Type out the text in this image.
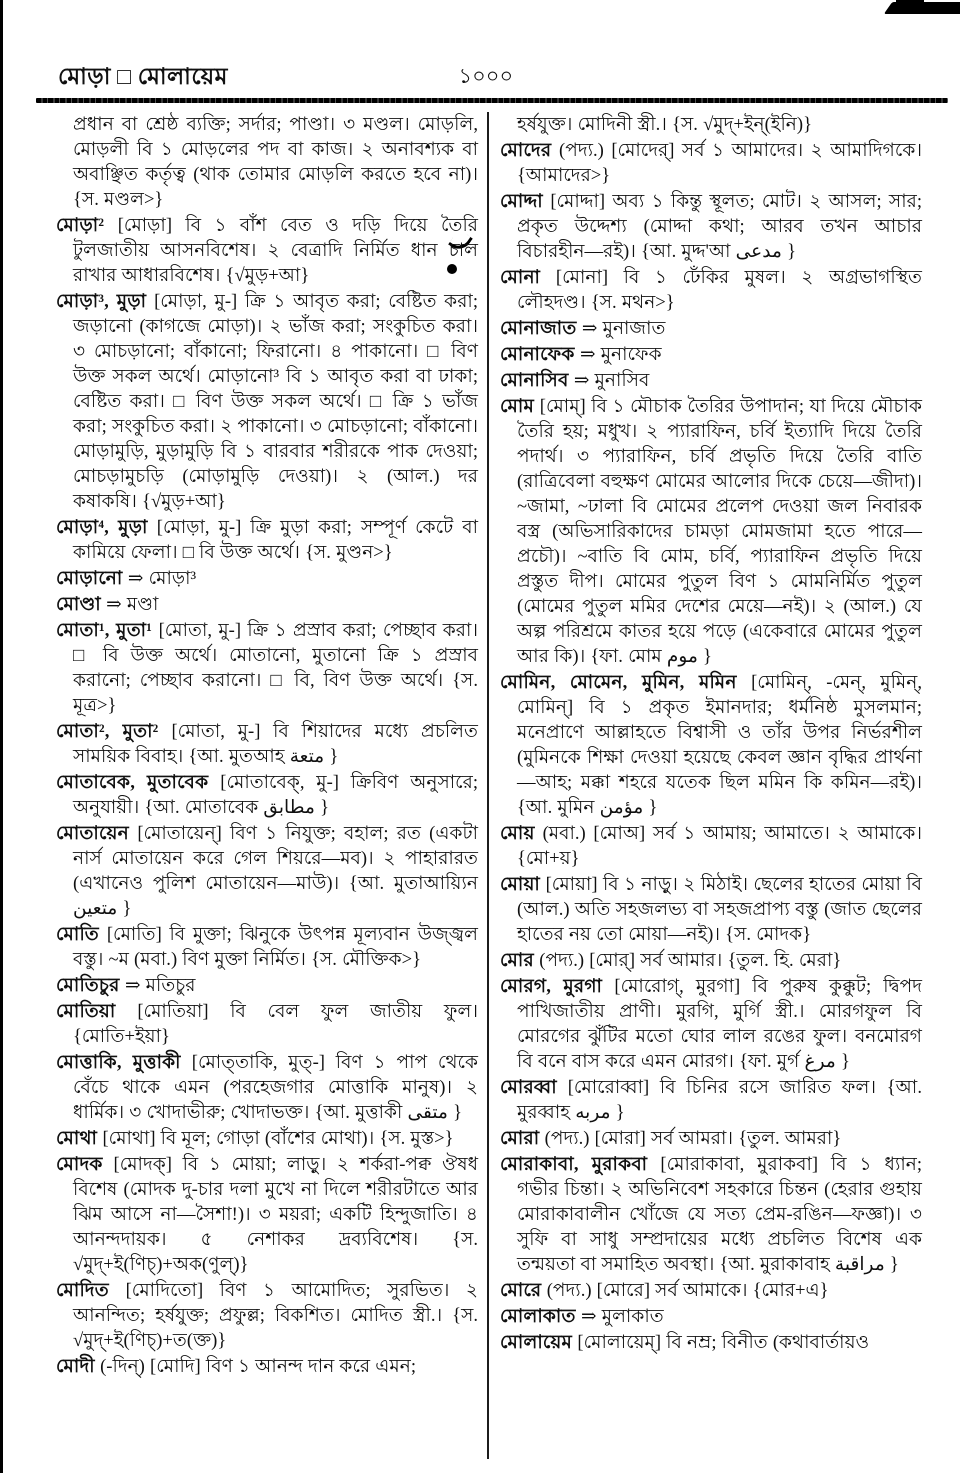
মোড়া □ মোলায়েম	১০০০

প্রধান বা শ্রেষ্ঠ ব্যক্তি; সর্দার; পাণ্ডা। ৩ মণ্ডল। মোড়লি, মোড়লী বি ১ মোড়লের পদ বা কাজ। ২ অনাবশ্যক বা অবাঞ্ছিত কর্তৃত্ব (থাক তোমার মোড়লি করতে হবে না)। {স. মণ্ডল>}

মোড়া² [মোড়া] বি ১ বাঁশ বেত ও দড়ি দিয়ে তৈরি টুলজাতীয় আসনবিশেষ। ২ বেত্রাদি নির্মিত ধান চাল রাখার আধারবিশেষ। {√মুড়+আ}

মোড়া³, মুড়া [মোড়া, মু-] ক্রি ১ আবৃত করা; বেষ্টিত করা; জড়ানো (কাগজে মোড়া)। ২ ভাঁজ করা; সংকুচিত করা। ৩ মোচড়ানো; বাঁকানো; ফিরানো। ৪ পাকানো। □ বিণ উক্ত সকল অর্থে। মোড়ানো³ বি ১ আবৃত করা বা ঢাকা; বেষ্টিত করা। □ বিণ উক্ত সকল অর্থে। □ ক্রি ১ ভাঁজ করা; সংকুচিত করা। ২ পাকানো। ৩ মোচড়ানো; বাঁকানো। মোড়ামুড়ি, মুড়ামুড়ি বি ১ বারবার শরীরকে পাক দেওয়া; মোচড়ামুচড়ি (মোড়ামুড়ি দেওয়া)। ২ (আল.) দর কষাকষি। {√মুড়+আ}

মোড়া⁴, মুড়া [মোড়া, মু-] ক্রি মুড়া করা; সম্পূর্ণ কেটে বা কামিয়ে ফেলা। □ বি উক্ত অর্থে। {স. মুণ্ডন>}

মোড়ানো ⇒ মোড়া³

মোণ্ডা ⇒ মণ্ডা

মোতা¹, মুতা¹ [মোতা, মু-] ক্রি ১ প্রস্রাব করা; পেচ্ছাব করা। □ বি উক্ত অর্থে। মোতানো, মুতানো ক্রি ১ প্রস্রাব করানো; পেচ্ছাব করানো। □ বি, বিণ উক্ত অর্থে। {স. মূত্র>}

মোতা², মুতা² [মোতা, মু-] বি শিয়াদের মধ্যে প্রচলিত সাময়িক বিবাহ। {আ. মুতআহ متعة }

মোতাবেক, মুতাবেক [মোতাবেক্, মু-] ক্রিবিণ অনুসারে; অনুযায়ী। {আ. মোতাবেক مطابق }

মোতায়েন [মোতায়েন্] বিণ ১ নিযুক্ত; বহাল; রত (একটা নার্স মোতায়েন করে গেল শিয়রে—মব)। ২ পাহারারত (এখানেও পুলিশ মোতায়েন—মাউ)। {আ. মুতাআয়্যিন متعين }

মোতি [মোতি] বি মুক্তা; ঝিনুকে উৎপন্ন মূল্যবান উজ্জ্বল বস্তু। ~ম (মবা.) বিণ মুক্তা নির্মিত। {স. মৌক্তিক>}

মোতিচুর ⇒ মতিচুর

মোতিয়া [মোতিয়া] বি বেল ফুল জাতীয় ফুল। {মোতি+ইয়া}

মোত্তাকি, মুত্তাকী [মোত্‌তাকি, মুত্-] বিণ ১ পাপ থেকে বেঁচে থাকে এমন (পরহেজগার মোত্তাকি মানুষ)। ২ ধার্মিক। ৩ খোদাভীরু; খোদাভক্ত। {আ. মুত্তাকী متقى }

মোথা [মোথা] বি মূল; গোড়া (বাঁশের মোথা)। {স. মুস্ত>}

মোদক [মোদক্] বি ১ মোয়া; লাড়ু। ২ শর্করা-পক্ব ঔষধ বিশেষ (মোদক দু-চার দলা মুখে না দিলে শরীরটাতে আর ঝিম আসে না—সৈশা!)। ৩ ময়রা; একটি হিন্দুজাতি। ৪ আনন্দদায়ক। ৫ নেশাকর দ্রব্যবিশেষ। {স. √মুদ্+ই(ণিচ্)+অক(ণুল্)}

মোদিত [মোদিতো] বিণ ১ আমোদিত; সুরভিত। ২ আনন্দিত; হর্ষযুক্ত; প্রফুল্ল; বিকশিত। মোদিত স্ত্রী.। {স. √মুদ্+ই(ণিচ্)+ত(ক্ত)}

মোদী (-দিন্) [মোদি] বিণ ১ আনন্দ দান করে এমন;

হর্ষযুক্ত। মোদিনী স্ত্রী.। {স. √মুদ্+ইন্(ইনি)}

মোদের (পদ্য.) [মোদের্] সর্ব ১ আমাদের। ২ আমাদিগকে। {আমাদের>}

মোদ্দা [মোদ্দা] অব্য ১ কিন্তু স্থূলত; মোট। ২ আসল; সার; প্রকৃত উদ্দেশ্য (মোদ্দা কথা; আরব তখন আচার বিচারহীন—রই)। {আ. মুদ্দ'আ مدعى }

মোনা [মোনা] বি ১ ঢেঁকির মুষল। ২ অগ্রভাগস্থিত লৌহদণ্ড। {স. মথন>}

মোনাজাত ⇒ মুনাজাত

মোনাফেক ⇒ মুনাফেক

মোনাসিব ⇒ মুনাসিব

মোম [মোম্] বি ১ মৌচাক তৈরির উপাদান; যা দিয়ে মৌচাক তৈরি হয়; মধুখ। ২ প্যারাফিন, চর্বি ইত্যাদি দিয়ে তৈরি পদার্থ। ৩ প্যারাফিন, চর্বি প্রভৃতি দিয়ে তৈরি বাতি (রাত্রিবেলা বহুক্ষণ মোমের আলোর দিকে চেয়ে—জীদা)। ~জামা, ~ঢালা বি মোমের প্রলেপ দেওয়া জল নিবারক বস্ত্র (অভিসারিকাদের চামড়া মোমজামা হতে পারে—প্রচৌ)। ~বাতি বি মোম, চর্বি, প্যারাফিন প্রভৃতি দিয়ে প্রস্তুত দীপ। মোমের পুতুল বিণ ১ মোমনির্মিত পুতুল (মোমের পুতুল মমির দেশের মেয়ে—নই)। ২ (আল.) যে অল্প পরিশ্রমে কাতর হয়ে পড়ে (একেবারে মোমের পুতুল আর কি)। {ফা. মোম موم }

মোমিন, মোমেন, মুমিন, মমিন [মোমিন্, -মেন্, মুমিন্, মোমিন্] বি ১ প্রকৃত ইমানদার; ধর্মনিষ্ঠ মুসলমান; মনেপ্রাণে আল্লাহতে বিশ্বাসী ও তাঁর উপর নির্ভরশীল (মুমিনকে শিক্ষা দেওয়া হয়েছে কেবল জ্ঞান বৃদ্ধির প্রার্থনা—আহ; মক্কা শহরে যতেক ছিল মমিন কি কমিন—রই)। {আ. মুমিন مؤمن }

মোয় (মবা.) [মোঅ] সর্ব ১ আমায়; আমাতে। ২ আমাকে। {মো+য়}

মোয়া [মোয়া] বি ১ নাড়ু। ২ মিঠাই। ছেলের হাতের মোয়া বি (আল.) অতি সহজলভ্য বা সহজপ্রাপ্য বস্তু (জাত ছেলের হাতের নয় তো মোয়া—নই)। {স. মোদক}

মোর (পদ্য.) [মোর্] সর্ব আমার। {তুল. হি. মেরা}

মোরগ, মুরগা [মোরোগ্, মুরগা] বি পুরুষ কুক্কুট; দ্বিপদ পাখিজাতীয় প্রাণী। মুরগি, মুর্গি স্ত্রী.। মোরগফুল বি মোরগের ঝুঁটির মতো ঘোর লাল রঙের ফুল। বনমোরগ বি বনে বাস করে এমন মোরগ। {ফা. মুর্গ مرغ }

মোরব্বা [মোরোব্বা] বি চিনির রসে জারিত ফল। {আ. মুরব্বাহ مربه }

মোরা (পদ্য.) [মোরা] সর্ব আমরা। {তুল. আমরা}

মোরাকাবা, মুরাকবা [মোরাকাবা, মুরাকবা] বি ১ ধ্যান; গভীর চিন্তা। ২ অভিনিবেশ সহকারে চিন্তন (হেরার গুহায় মোরাকাবালীন খোঁজে যে সত্য প্রেম-রঙিন—ফজ্ঞা)। ৩ সুফি বা সাধু সম্প্রদায়ের মধ্যে প্রচলিত বিশেষ এক তন্ময়তা বা সমাহিত অবস্থা। {আ. মুরাকাবাহ مراقبة }

মোরে (পদ্য.) [মোরে] সর্ব আমাকে। {মোর+এ}

মোলাকাত ⇒ মুলাকাত

মোলায়েম [মোলায়েম্] বি নম্র; বিনীত (কথাবার্তায়ও
